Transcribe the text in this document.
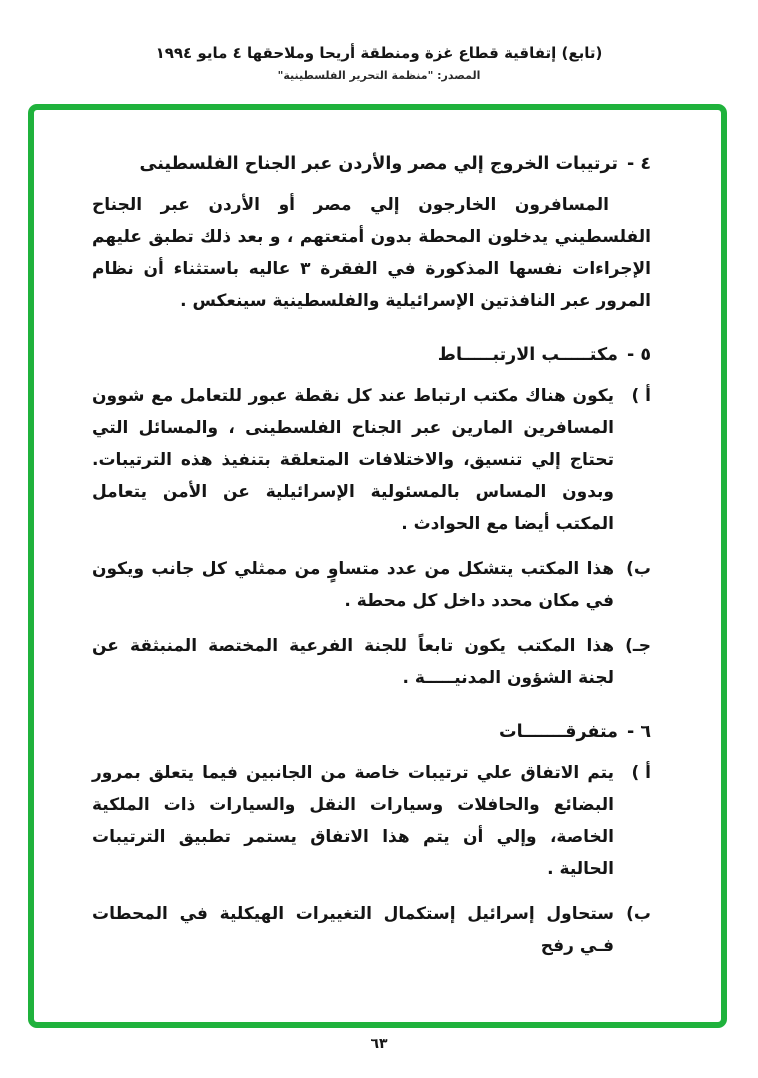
(تابع) إتفاقية قطاع غزة ومنطقة أريحا وملاحقها ٤ مايو ١٩٩٤
المصدر: "منظمة التحرير الفلسطينية"
٤ -
ترتيبات الخروج إلي مصر والأردن عبر الجناح الفلسطينى

المسافرون الخارجون إلي مصر أو الأردن عبر الجناح الفلسطيني يدخلون المحطة بدون أمتعتهم ، و بعد ذلك تطبق عليهم الإجراءات نفسها المذكورة في الفقرة ٣ عاليه باستثناء أن نظام المرور عبر النافذتين الإسرائيلية والفلسطينية سينعكس .

٥ -
مكتـــــب الارتبـــــاط
أ )
يكون هناك مكتب ارتباط عند كل نقطة عبور للتعامل مع شوون المسافرين المارين عبر الجناح الفلسطينى ، والمسائل التي تحتاج إلي تنسيق، والاختلافات المتعلقة بتنفيذ هذه الترتيبات. وبدون المساس بالمسئولية الإسرائيلية عن الأمن يتعامل المكتب أيضا مع الحوادث .
ب)
هذا المكتب يتشكل من عدد متساوٍ من ممثلي كل جانب ويكون في مكان محدد داخل كل محطة .
جـ)
هذا المكتب يكون تابعاً للجنة الفرعية المختصة المنبثقة عن لجنة الشؤون المدنيـــــة .
٦ -
متفرقـــــــات
أ )
يتم الاتفاق علي ترتيبات خاصة من الجانبين فيما يتعلق بمرور البضائع والحافلات وسيارات النقل والسيارات ذات الملكية الخاصة، وإلي أن يتم هذا الاتفاق يستمر تطبيق الترتيبات الحالية .
ب)
ستحاول إسرائيل إستكمال التغييرات الهيكلية في المحطات فـي رفح
٦٣
